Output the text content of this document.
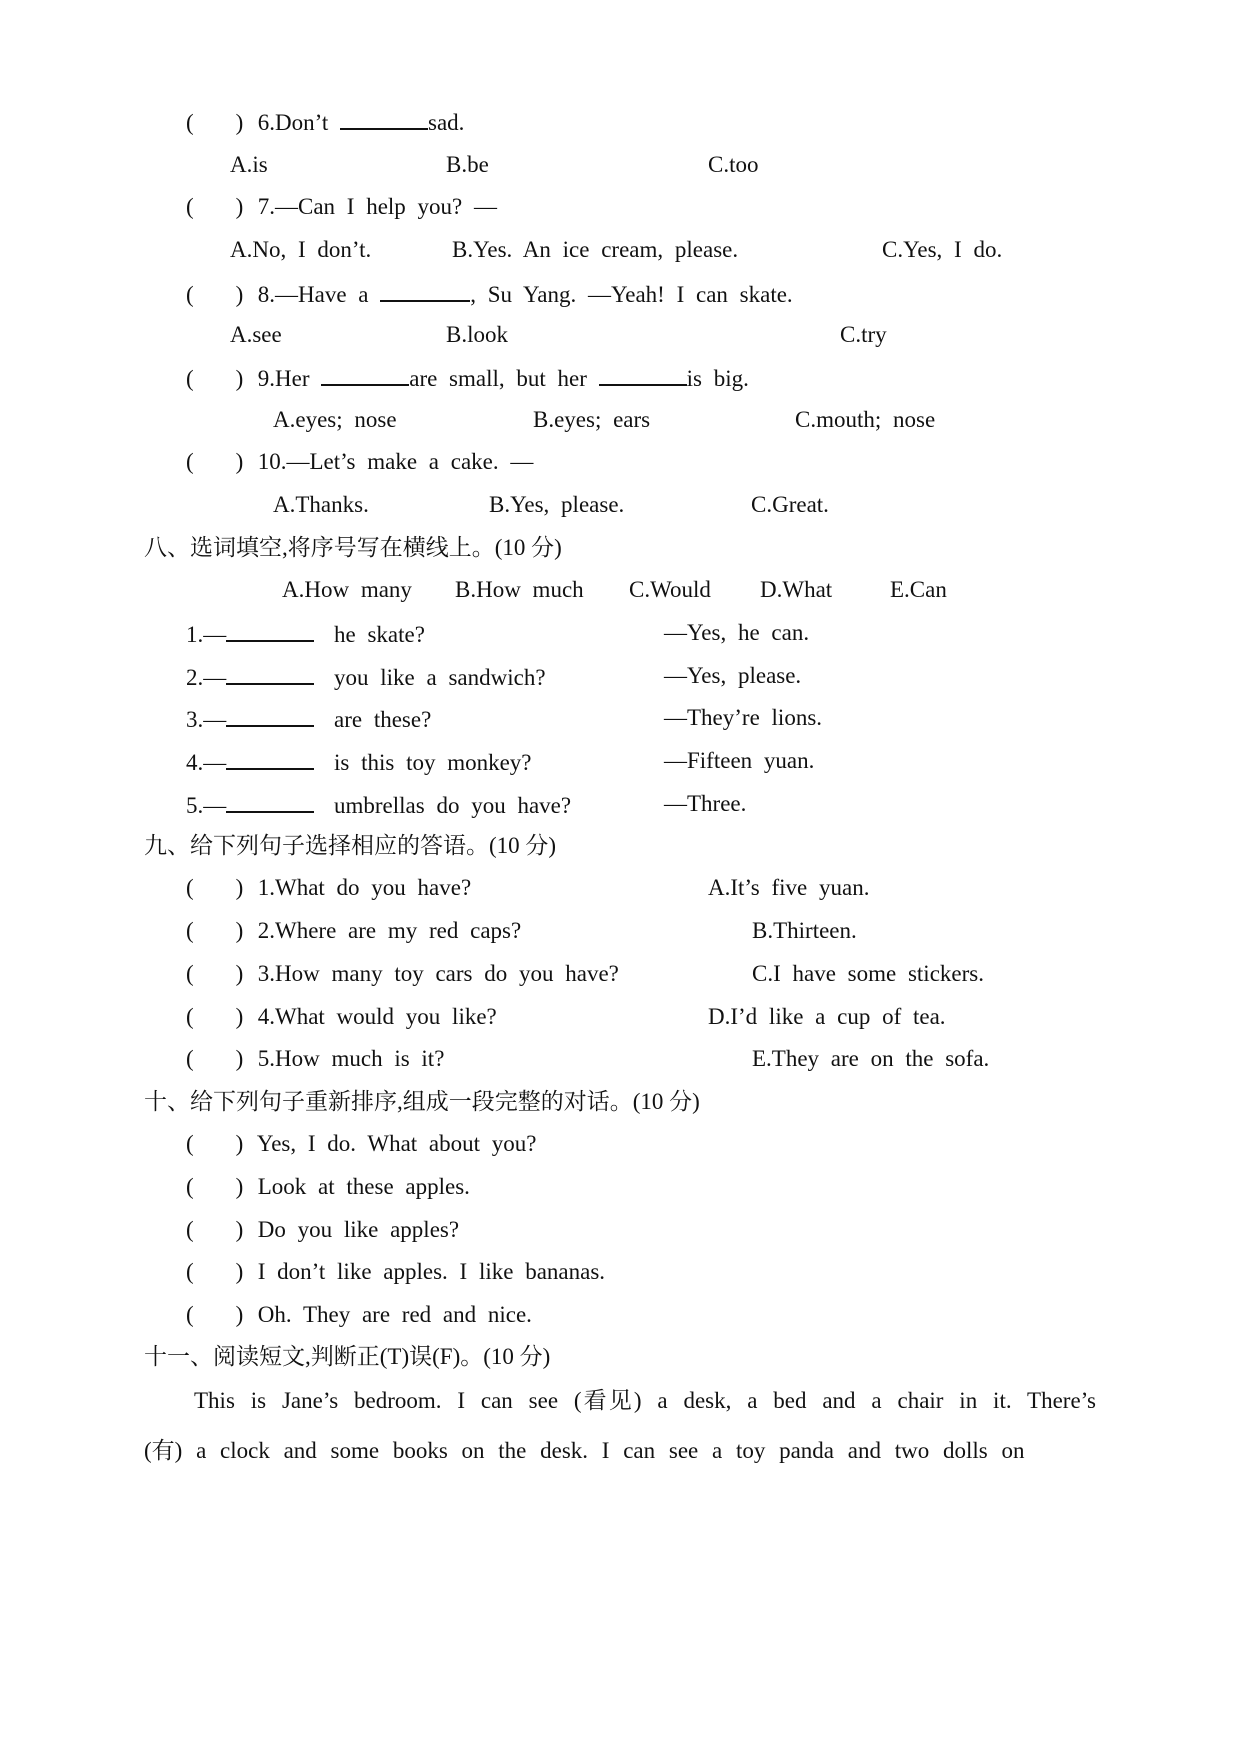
( ) 6.Don’t	sad.
A.is	B.be	C.too
( ) 7.—Can I help you? —
A.No, I don’t.	B.Yes. An ice cream, please.	C.Yes, I do.
( ) 8.—Have a	, Su Yang. —Yeah! I can skate.
A.see	B.look	C.try
( ) 9.Her	are small, but her	is big.
A.eyes; nose	B.eyes; ears	C.mouth; nose
( ) 10.—Let’s make a cake. —
A.Thanks.	B.Yes, please.	C.Great.
八、选词填空,将序号写在横线上。(10 分)
A.How many B.How much C.Would D.What	E.Can
1.—	he skate?	—Yes, he can.
2.—	you like a sandwich?	—Yes, please.
3.—	are these?	—They’re lions.
4.—	is this toy monkey?	—Fifteen yuan.
5.—	umbrellas do you have?	—Three.
九、给下列句子选择相应的答语。(10 分)
( ) 1.What do you have?	A.It’s five yuan.
( ) 2.Where are my red caps?	B.Thirteen.
( ) 3.How many toy cars do you have?	C.I have some stickers.
( ) 4.What would you like?	D.I’d like a cup of tea.
( ) 5.How much is it?	E.They are on the sofa.
十、给下列句子重新排序,组成一段完整的对话。(10 分)
( ) Yes, I do. What about you?
( ) Look at these apples.
( ) Do you like apples?
( ) I don’t like apples. I like bananas.
( ) Oh. They are red and nice.
十一、阅读短文,判断正(T)误(F)。(10 分)
This is Jane’s bedroom. I can see (看见) a desk, a bed and a chair in it. There’s (有) a clock and some books on the desk. I can see a toy panda and two dolls on
